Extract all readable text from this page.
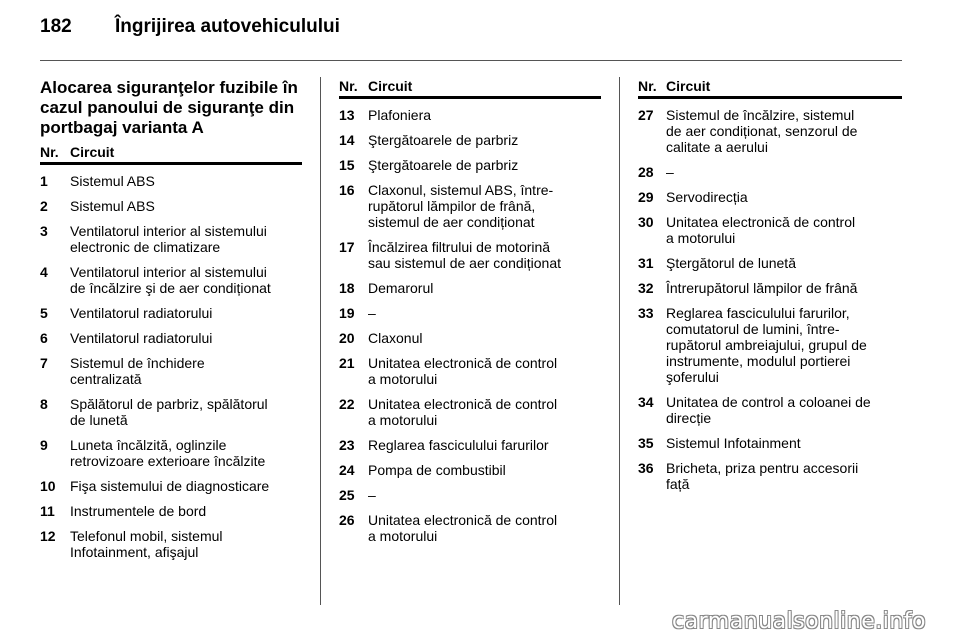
182 Îngrijirea autovehiculului
Alocarea siguranţelor fuzibile în
cazul panoului de siguranţe din
portbagaj varianta A
Nr. Circuit
1 Sistemul ABS
2 Sistemul ABS
3 Ventilatorul interior al sistemului
electronic de climatizare
4 Ventilatorul interior al sistemului
de încălzire şi de aer condiționat
5 Ventilatorul radiatorului
6 Ventilatorul radiatorului
7 Sistemul de închidere
centralizată
8 Spălătorul de parbriz, spălătorul
de lunetă
9 Luneta încălzită, oglinzile
retrovizoare exterioare încălzite
10 Fişa sistemului de diagnosticare
11 Instrumentele de bord
12 Telefonul mobil, sistemul
Infotainment, afişajul
Nr. Circuit
13 Plafoniera
14 Ştergătoarele de parbriz
15 Ştergătoarele de parbriz
16 Claxonul, sistemul ABS, între-
rupătorul lămpilor de frână,
sistemul de aer condiționat
17 Încălzirea filtrului de motorină
sau sistemul de aer condiționat
18 Demarorul
19 –
20 Claxonul
21 Unitatea electronică de control
a motorului
22 Unitatea electronică de control
a motorului
23 Reglarea fasciculului farurilor
24 Pompa de combustibil
25 –
26 Unitatea electronică de control
a motorului
Nr. Circuit
27 Sistemul de încălzire, sistemul
de aer condiționat, senzorul de
calitate a aerului
28 –
29 Servodirecția
30 Unitatea electronică de control
a motorului
31 Ştergătorul de lunetă
32 Întrerupătorul lămpilor de frână
33 Reglarea fasciculului farurilor,
comutatorul de lumini, între-
rupătorul ambreiajului, grupul de
instrumente, modulul portierei
şoferului
34 Unitatea de control a coloanei de
direcție
35 Sistemul Infotainment
36 Bricheta, priza pentru accesorii
față
carmanualsonline.info
